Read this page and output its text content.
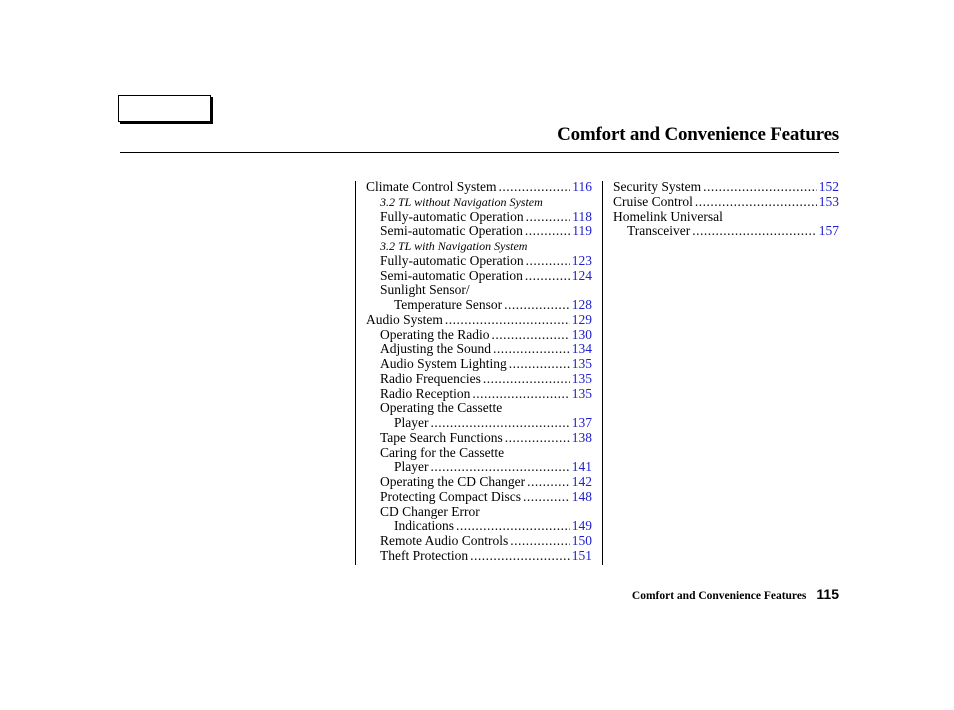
Comfort and Convenience Features
Climate Control System .....	116
3.2 TL without Navigation System
Fully-automatic Operation .....	118
Semi-automatic Operation .....	119
3.2 TL with Navigation System
Fully-automatic Operation .....	123
Semi-automatic Operation .....	124
Sunlight Sensor/
Temperature Sensor .....	128
Audio System .....	129
Operating the Radio .....	130
Adjusting the Sound .....	134
Audio System Lighting .....	135
Radio Frequencies .....	135
Radio Reception .....	135
Operating the Cassette
Player .....	137
Tape Search Functions .....	138
Caring for the Cassette
Player .....	141
Operating the CD Changer .....	142
Protecting Compact Discs .....	148
CD Changer Error
Indications .....	149
Remote Audio Controls .....	150
Theft Protection .....	151
Security System .....	152
Cruise Control .....	153
Homelink Universal
Transceiver .....	157
Comfort and Convenience Features 115
